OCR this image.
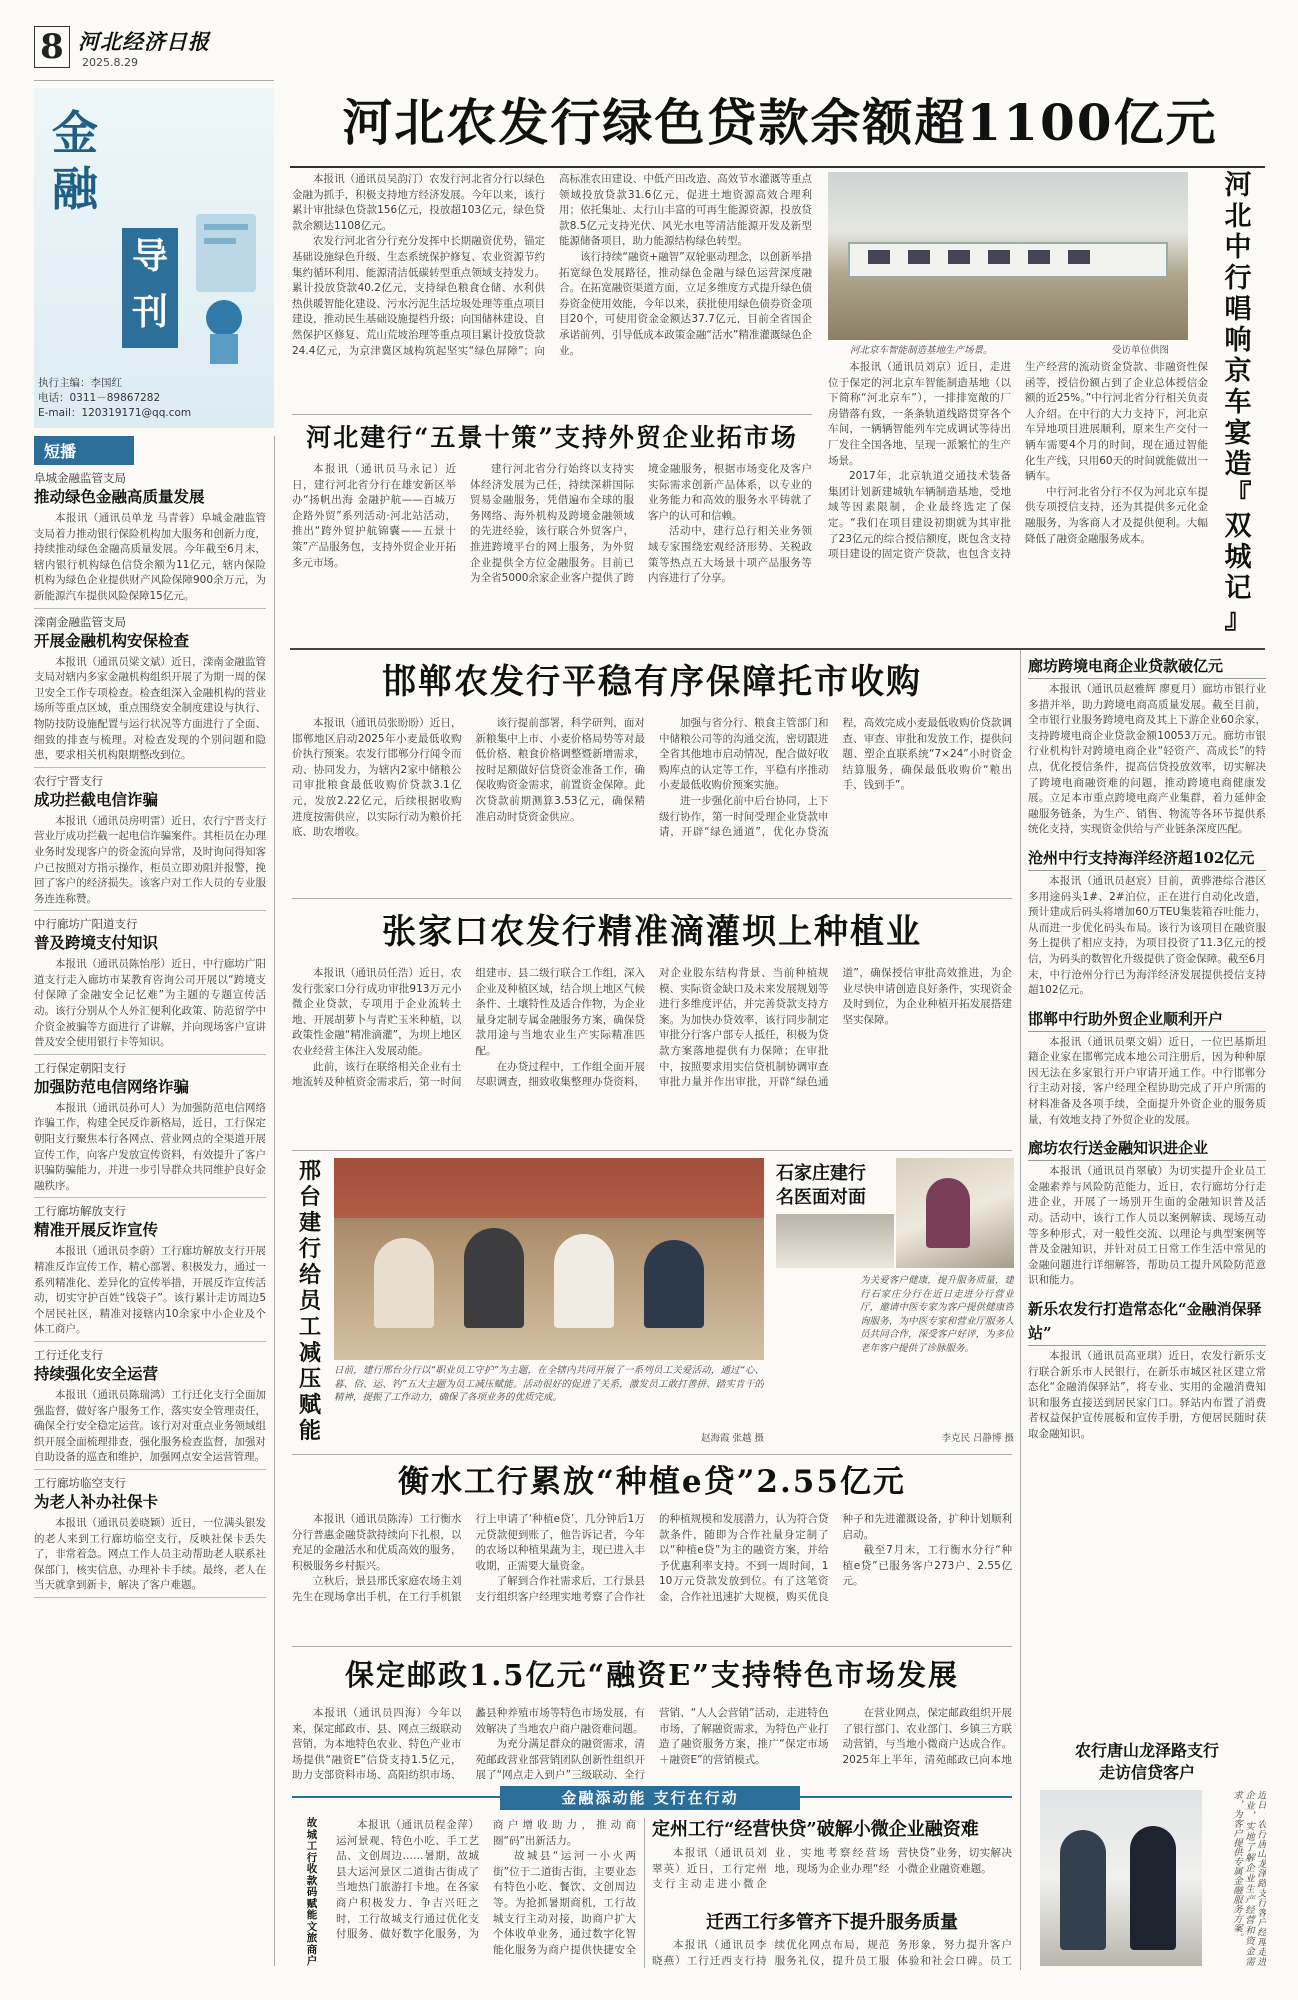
8 河北经济日报
2025.8.29
金
融
导
刊
执行主编：李国红
电话：0311－89867282
E-mail：120319171@qq.com
短播
阜城金融监管支局
推动绿色金融高质量发展

本报讯（通讯员单龙 马青蓉）阜城金融监管支局着力推动银行保险机构加大服务和创新力度，持续推动绿色金融高质量发展。今年截至6月末，辖内银行机构绿色信贷余额为11亿元，辖内保险机构为绿色企业提供财产风险保障900余万元，为新能源汽车提供风险保障15亿元。

滦南金融监管支局
开展金融机构安保检查

本报讯（通讯员梁文斌）近日，滦南金融监管支局对辖内多家金融机构组织开展了为期一周的保卫安全工作专项检查。检查组深入金融机构的营业场所等重点区域，重点围绕安全制度建设与执行、物防技防设施配置与运行状况等方面进行了全面、细致的排查与梳理。对检查发现的个别问题和隐患，要求相关机构限期整改到位。

农行宁晋支行
成功拦截电信诈骗

本报讯（通讯员房明雷）近日，农行宁晋支行营业厅成功拦截一起电信诈骗案件。其柜员在办理业务时发现客户的资金流向异常，及时询问得知客户已按照对方指示操作，柜员立即劝阻并报警，挽回了客户的经济损失。该客户对工作人员的专业服务连连称赞。

中行廊坊广阳道支行
普及跨境支付知识

本报讯（通讯员陈怡彤）近日，中行廊坊广阳道支行走入廊坊市某教育咨询公司开展以“跨境支付保障了金融安全记忆难”为主题的专题宣传活动。该行分别从个人外汇便利化政策、防范留学中介资金被骗等方面进行了讲解，并向现场客户宣讲普及安全使用银行卡等知识。

工行保定朝阳支行
加强防范电信网络诈骗

本报讯（通讯员孙可人）为加强防范电信网络诈骗工作，构建全民反诈新格局，近日，工行保定朝阳支行聚焦本行各网点、营业网点的全渠道开展宣传工作，向客户发放宣传资料，有效提升了客户识骗防骗能力，并进一步引导群众共同维护良好金融秩序。

工行廊坊解放支行
精准开展反诈宣传

本报讯（通讯员李蔚）工行廊坊解放支行开展精准反诈宣传工作，精心部署、积极发力，通过一系列精准化、差异化的宣传举措，开展反诈宣传活动，切实守护百姓“钱袋子”。该行累计走访周边5个居民社区，精准对接辖内10余家中小企业及个体工商户。

工行迁化支行
持续强化安全运营

本报讯（通讯员陈瑞鸿）工行迁化支行全面加强监督，做好客户服务工作，落实安全管理责任，确保全行安全稳定运营。该行对对重点业务领域组织开展全面梳理排查，强化服务检查监督，加强对自助设备的巡查和维护，加强网点安全运营管理。

工行廊坊临空支行
为老人补办社保卡

本报讯（通讯员姜晓颖）近日，一位满头银发的老人来到工行廊坊临空支行，反映社保卡丢失了，非常着急。网点工作人员主动帮助老人联系社保部门，核实信息，办理补卡手续。最终，老人在当天就拿到新卡，解决了客户难题。

河北农发行绿色贷款余额超1100亿元

本报讯（通讯员吴韵汀）农发行河北省分行以绿色金融为抓手，积极支持地方经济发展。今年以来，该行累计审批绿色贷款156亿元，投放超103亿元，绿色贷款余额达1108亿元。

农发行河北省分行充分发挥中长期融资优势，锚定基础设施绿色升级、生态系统保护修复、农业资源节约集约循环利用、能源清洁低碳转型重点领域支持发力。累计投放贷款40.2亿元，支持绿色粮食仓储、水利供热供暖智能化建设、污水污泥生活垃圾处理等重点项目建设，推动民生基础设施提档升级；向国储林建设、自然保护区修复、荒山荒坡治理等重点项目累计投放贷款24.4亿元，为京津冀区域构筑起坚实“绿色屏障”；向高标准农田建设、中低产田改造、高效节水灌溉等重点领域投放贷款31.6亿元，促进土地资源高效合理利用；依托集址、太行山丰富的可再生能源资源，投放贷款8.5亿元支持光伏、风光水电等清洁能源开发及新型能源储备项目，助力能源结构绿色转型。

该行持续“融资+融智”双轮驱动理念，以创新举措拓宽绿色发展路径，推动绿色金融与绿色运营深度融合。在拓宽融资渠道方面，立足多维度方式提升绿色债券资金使用效能，今年以来，获批使用绿色债券资金项目20个，可使用资金金额达37.7亿元，目前全省国企承诺前列，引导低成本政策金融“活水”精准灌溉绿色企业。	河北京车智能制造基地生产场景。	受访单位供图
河
北
中
行
唱
响
京
车
宴
造
『
双
城
记
』

本报讯（通讯员刘京）近日，走进位于保定的河北京车智能制造基地（以下简称“河北京车”），一排排宽敞的厂房错落有致，一条条轨道线路贯穿各个车间，一辆辆智能列车完成调试等待出厂发往全国各地，呈现一派繁忙的生产场景。

2017年，北京轨道交通技术装备集团计划新建城轨车辆制造基地，受地域等因素限制，企业最终选定了保定。“我们在项目建设初期就为其审批了23亿元的综合授信额度，既包含支持项目建设的固定资产贷款，也包含支持生产经营的流动资金贷款、非融资性保函等，授信份额占到了企业总体授信金额的近25%。”中行河北省分行相关负责人介绍。在中行的大力支持下，河北京车异地项目进展顺利，原来生产交付一辆车需要4个月的时间，现在通过智能化生产线，只用60天的时间就能做出一辆车。

中行河北省分行不仅为河北京车提供专项授信支持，还为其提供多元化金融服务，为客商人才及提供便利。大幅降低了融资金融服务成本。

河北建行“五景十策”支持外贸企业拓市场

本报讯（通讯员马永记）近日，建行河北省分行在雄安新区举办“扬帆出海 金融护航——百城万企路外贸”系列活动·河北站活动，推出“跨外贸护航锦囊——五景十策”产品服务包，支持外贸企业开拓多元市场。

建行河北省分行始终以支持实体经济发展为己任，持续深耕国际贸易金融服务，凭借遍布全球的服务网络、海外机构及跨境金融领域的先进经验，该行联合外贸客户，推进跨境平台的网上服务，为外贸企业提供全方位金融服务。目前已为全省5000余家企业客户提供了跨境金融服务，根据市场变化及客户实际需求创新产品体系，以专业的业务能力和高效的服务水平铸就了客户的认可和信赖。

活动中，建行总行相关业务领域专家围绕宏观经济形势、关税政策等热点五大场景十项产品服务等内容进行了分享。

邯郸农发行平稳有序保障托市收购

本报讯（通讯员张盼盼）近日，邯郸地区启动2025年小麦最低收购价执行预案。农发行邯郸分行闻令而动、协同发力，为辖内2家中储粮公司审批粮食最低收购价贷款3.1亿元，发放2.22亿元，后续根据收购进度按需供应，以实际行动为粮价托底、助农增收。

该行提前部署，科学研判，面对新粮集中上市、小麦价格局势等对最低价格、粮食价格调整暨新增需求，按时足额做好信贷资金准备工作，确保收购资金需求，前置资金保障。此次贷款前期测算3.53亿元，确保精准启动时贷资金供应。

加强与省分行、粮食主管部门和中储粮公司等的沟通交流，密切跟进全省其他地市启动情况，配合做好收购库点的认定等工作，平稳有序推动小麦最低收购价预案实施。

进一步强化前中后台协同，上下级行协作，第一时间受理企业贷款申请，开辟“绿色通道”，优化办贷流程，高效完成小麦最低收购价贷款调查、审查、审批和发放工作，提供问题、塑企直联系统“7×24”小时资金结算服务，确保最低收购价“粮出手、钱到手”。

张家口农发行精准滴灌坝上种植业

本报讯（通讯员任浩）近日，农发行张家口分行成功审批913万元小微企业贷款，专项用于企业流转土地、开展胡萝卜与青贮玉米种植，以政策性金融“精准滴灌”，为坝上地区农业经营主体注入发展动能。

此前，该行在联络相关企业有土地流转及种植资金需求后，第一时间组建市、县二级行联合工作组，深入企业及种植区域，结合坝上地区气候条件、土壤特性及适合作物，为企业量身定制专属金融服务方案，确保贷款用途与当地农业生产实际精准匹配。

在办贷过程中，工作组全面开展尽职调查，细致收集整理办贷资料，对企业股东结构背景、当前种植规模、实际资金缺口及未来发展规划等进行多维度评估，并完善贷款支持方案。为加快办贷效率，该行同步制定审批分行客户部专人抵任，积极为贷款方案落地提供有力保障；在审批中，按照要求用实信贷机制协调审查审批力量并作出审批，开辟“绿色通道”，确保授信审批高效推进，为企业尽快申请创造良好条件，实现资金及时到位，为企业种植开拓发展搭建坚实保障。

邢
台
建
行
给
员
工
减
压
赋
能
日前，建行邢台分行以“职业员工守护”为主题，在全辖内共同开展了一系列员工关爱活动，通过“心、暮、俗、运、钓”五大主题为员工减压赋能。活动很好的促进了关系，激发员工敢打善拼、踏实肯干的精神，提振了工作动力，确保了各项业务的优质完成。
赵海霞 张越 摄
石家庄建行
名医面对面
为关爱客户健康，提升服务质量，建行石家庄分行在近日走进分行营业厅，邀请中医专家为客户提供健康咨询服务，为中医专家和营业厅服务人员共同合作，深受客户好评，为多位老年客户提供了诊脉服务。
李克民 吕静博 摄
衡水工行累放“种植e贷”2.55亿元

本报讯（通讯员陈涛）工行衡水分行普惠金融贷款持续向下扎根，以充足的金融活水和优质高效的服务，积极服务乡村振兴。

立秋后，景县邢氏家庭农场主刘先生在现场拿出手机，在工行手机银行上申请了‘种植e贷’，几分钟后1万元贷款便到账了，他告诉记者，今年的农场以种植果蔬为主，现已进入丰收期，正需要大量资金。

了解到合作社需求后，工行景县支行组织客户经理实地考察了合作社的种植规模和发展潜力，认为符合贷款条件，随即为合作社量身定制了以“种植e贷”为主的融资方案，并给予优惠利率支持。不到一周时间，110万元贷款发放到位。有了这笔资金，合作社迅速扩大规模，购买优良种子和先进灌溉设备，扩种计划顺利启动。

截至7月末，工行衡水分行“种植e贷”已服务客户273户、2.55亿元。

保定邮政1.5亿元“融资E”支持特色市场发展

本报讯（通讯员四海）今年以来，保定邮政市、县、网点三级联动营销，为本地特色农业、特色产业市场提供“融资E”信贷支持1.5亿元，助力支部资料市场、高阳纺织市场、蠡县种养殖市场等特色市场发展，有效解决了当地农户商户融资难问题。

为充分满足群众的融资需求，清苑邮政营业部营销团队创新性组织开展了“网点走入到户”三级联动、全行营销、“人人会营销”活动，走进特色市场，了解融资需求，为特色产业打造了融资服务方案，推广“保定市场＋融资E”的营销模式。

在营业网点，保定邮政组织开展了银行部门、农业部门、乡镇三方联动营销，与当地小微商户达成合作。2025年上半年，清苑邮政已向本地

金融添动能 支行在行动
故
城
工
行
收
款
码
赋
能
文
旅
商
户

本报讯（通讯员程金萍）运河景观、特色小吃、手工艺品、文创周边……暑期，故城县大运河景区二道街古街成了当地热门旅游打卡地。在各家商户积极发力、争吉兴旺之时，工行故城支行通过优化支付服务、做好数字化服务，为商户增收助力，推动商圈“码”出新活力。

故城县“运河一小火两街”位于二道街古街，主要业态有特色小吃、餐饮、文创周边等。为抢抓暑期商机，工行故城支行主动对接，助商户扩大个体收单业务，通过数字化智能化服务为商户提供快捷安全

定州工行“经营快贷”破解小微企业融资难

本报讯（通讯员刘翠英）近日，工行定州支行主动走进小微企业，实地考察经营场地，现场为企业办理“经营快贷”业务，切实解决小微企业融资难题。

迁西工行多管齐下提升服务质量

本报讯（通讯员李晓燕）工行迁西支行持续优化网点布局，规范服务礼仪，提升员工服务形象，努力提升客户体验和社会口碑。员工

廊坊跨境电商企业贷款破亿元

本报讯（通讯员赵雅辉 廖夏月）廊坊市银行业多措并举，助力跨境电商高质量发展。截至目前，全市银行业服务跨境电商及其上下游企业60余家，支持跨境电商企业贷款金额10053万元。廊坊市银行业机构针对跨境电商企业“轻资产、高成长”的特点，优化授信条件，提高信贷投放效率，切实解决了跨境电商融资难的问题，推动跨境电商健康发展。立足本市重点跨境电商产业集群，着力延伸金融服务链条，为生产、销售、物流等各环节提供系统化支持，实现资金供给与产业链条深度匹配。

沧州中行支持海洋经济超102亿元

本报讯（通讯员赵宸）目前，黄骅港综合港区多用途码头1#、2#泊位，正在进行自动化改造，预计建成后码头将增加60万TEU集装箱吞吐能力，从而进一步优化码头布局。该行为该项目在融资服务上提供了相应支持，为项目投资了11.3亿元的授信，为码头的数智化升级提供了资金保障。截至6月末，中行沧州分行已为海洋经济发展提供授信支持超102亿元。

邯郸中行助外贸企业顺利开户

本报讯（通讯员栗文娟）近日，一位巴基斯坦籍企业家在邯郸完成本地公司注册后，因为种种原因无法在多家银行开户审请开通工作。中行邯郸分行主动对接，客户经理全程协助完成了开户所需的材料准备及各项手续，全面提升外资企业的服务质量，有效地支持了外贸企业的发展。

廊坊农行送金融知识进企业

本报讯（通讯员肖翠敏）为切实提升企业员工金融素养与风险防范能力，近日，农行廊坊分行走进企业，开展了一场别开生面的金融知识普及活动。活动中，该行工作人员以案例解读、现场互动等多种形式，对一般性交流、以理论与典型案例等普及金融知识，并针对员工日常工作生活中常见的金融问题进行详细解答，帮助员工提升风险防范意识和能力。

新乐农发行打造常态化“金融消保驿站”

本报讯（通讯员高亚琪）近日，农发行新乐支行联合新乐市人民银行，在新乐市城区社区建立常态化“金融消保驿站”，将专业、实用的金融消费知识和服务直接送到居民家门口。驿站内布置了消费者权益保护宣传展板和宣传手册，方便居民随时获取金融知识。

农行唐山龙泽路支行
走访信贷客户
近日，农行唐山龙泽路支行客户经理走进企业，实地了解企业生产经营和资金需求，为客户提供专属金融服务方案。
